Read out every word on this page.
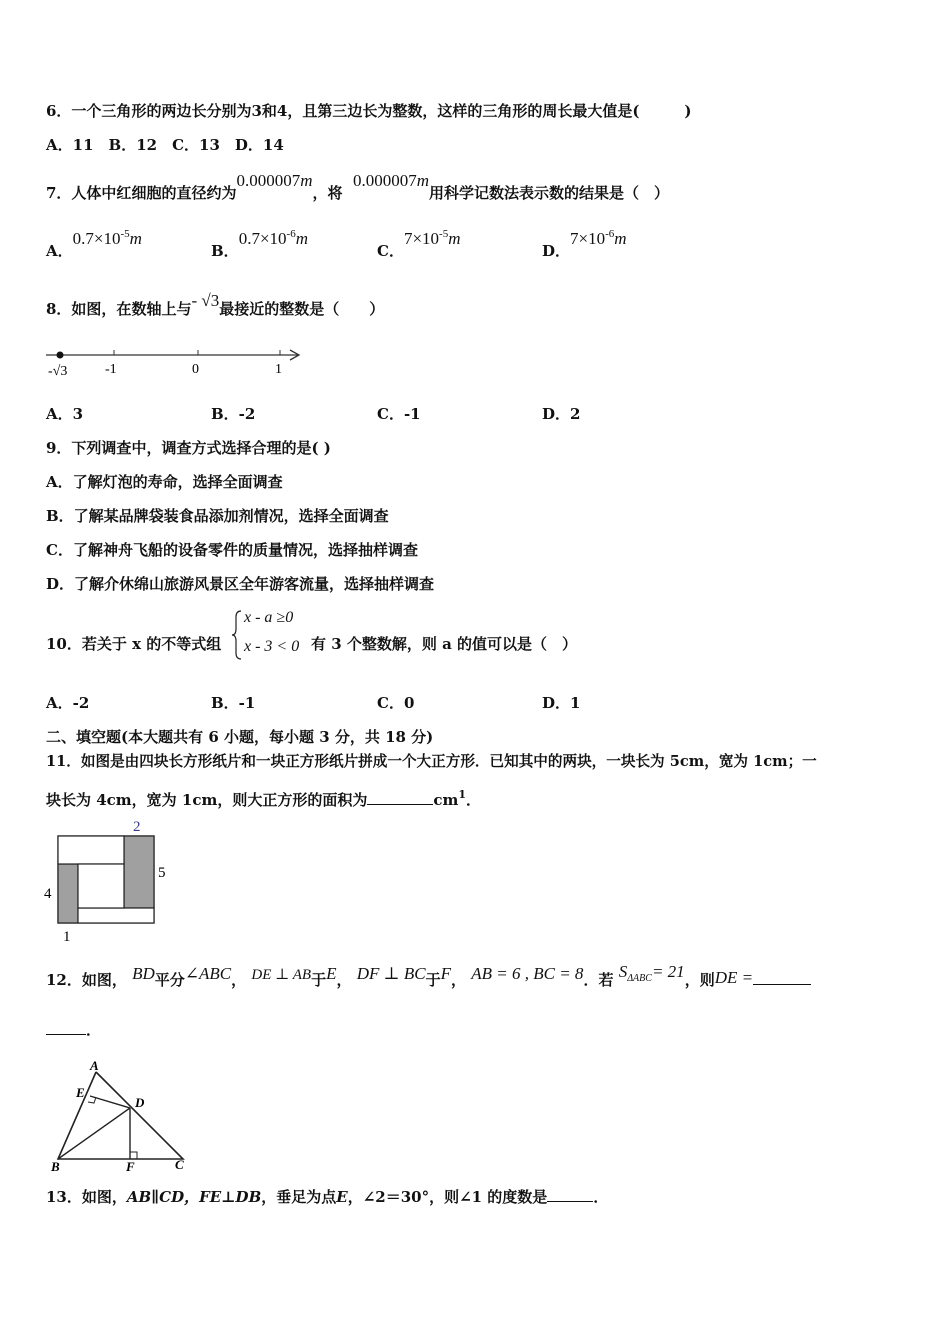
6．一个三角形的两边长分别为3和4，且第三边长为整数，这样的三角形的周长最大值是(　　　)
A．11　B．12　C．13　D．14
7．人体中红细胞的直径约为0.000007m，将  0.000007m用科学记数法表示数的结果是（　）
A．$0.7\times 10^{-5}m$
B．$0.7\times 10^{-6}m$
C．$7\times 10^{-5}m$
D．$7\times 10^{-6}m$
8．如图，在数轴上与- √3最接近的整数是（　　）
-√3	-1	0	1
A．3	B．-2	C．-1	D．2
9．下列调查中，调查方式选择合理的是( )
A．了解灯泡的寿命，选择全面调查
B．了解某品牌袋装食品添加剂情况，选择全面调查
C．了解神舟飞船的设备零件的质量情况，选择抽样调查
D．了解介休绵山旅游风景区全年游客流量，选择抽样调查
10．若关于 x 的不等式组
x - a ≥0
x - 3 < 0 有 3 个整数解，则 a 的值可以是（　）
A．-2	B．-1	C．0	D．1
二、填空题(本大题共有 6 小题，每小题 3 分，共 18 分)
11．如图是由四块长方形纸片和一块正方形纸片拼成一个大正方形．已知其中的两块，一块长为 5cm，宽为 1cm；一
块长为 4cm，宽为 1cm，则大正方形的面积为	$cm^1$．
2
5
4
1
12．如图， BD平分∠ABC， DE ⊥ AB于E， DF ⊥ BC于F， AB = 6 , BC = 8．若 $S_{\Delta ABC}= 21$，则DE =
．
A
E
D
B	F	C
13．如图，AB∥CD，FE⊥DB，垂足为点E，∠2＝30°，则∠1 的度数是	．
